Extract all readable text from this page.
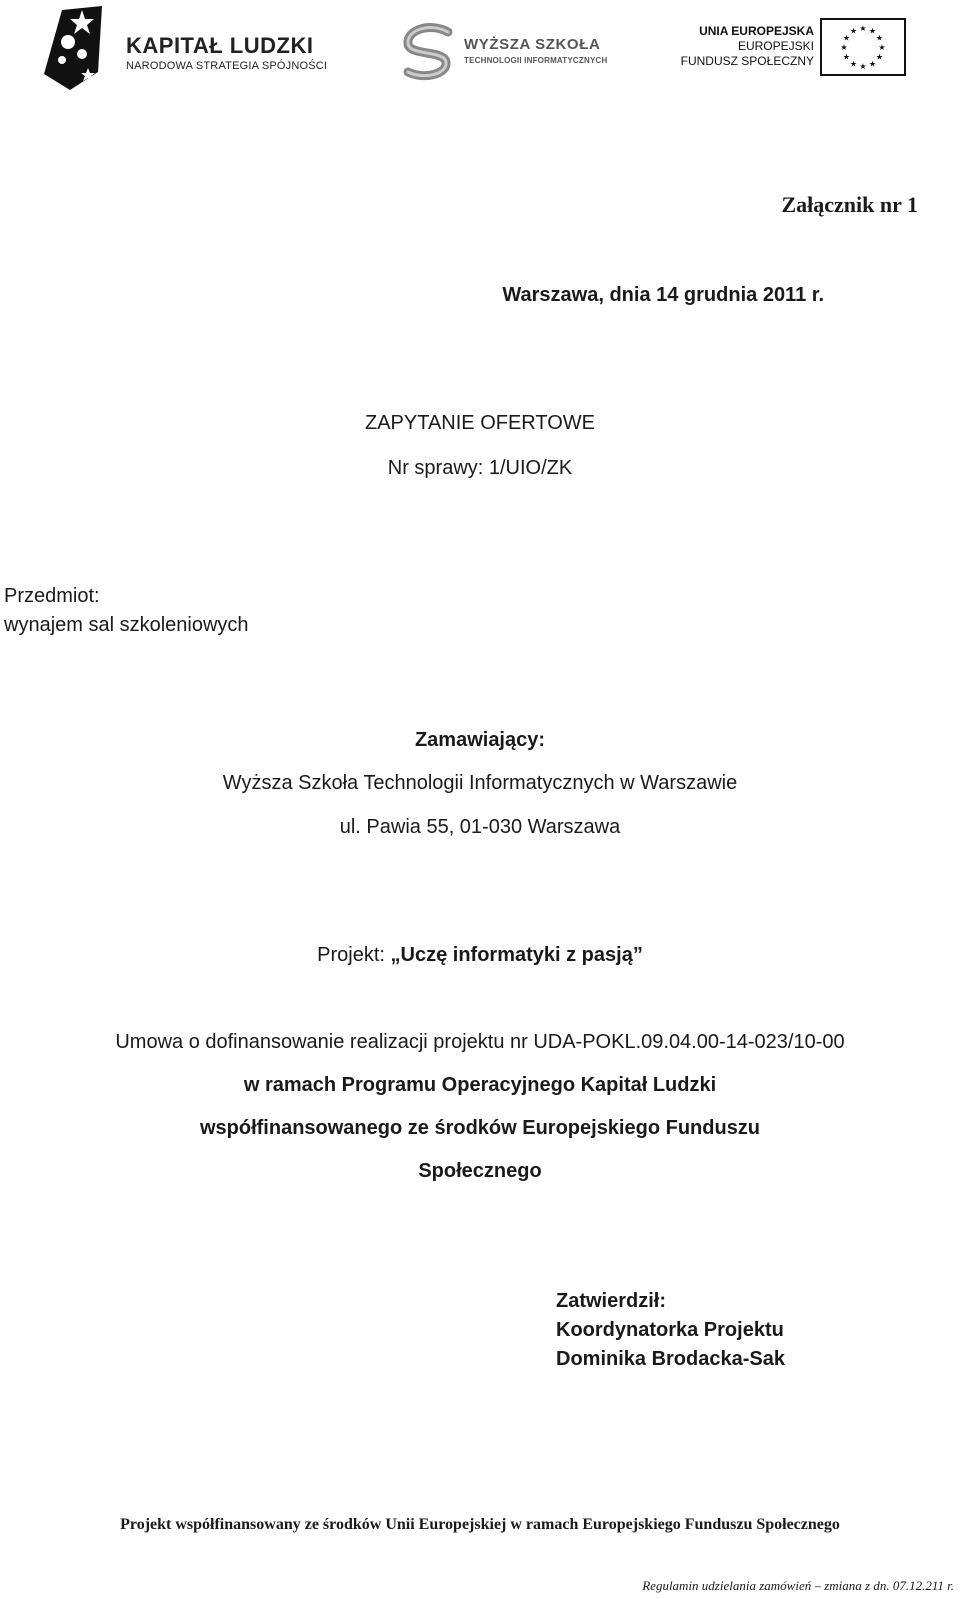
KAPITAŁ LUDZKI
NARODOWA STRATEGIA SPÓJNOŚCI
WYŻSZA SZKOŁA
TECHNOLOGII INFORMATYCZNYCH
UNIA EUROPEJSKA
EUROPEJSKI
FUNDUSZ SPOŁECZNY
★ ★
★
★
★
★
★
★
★
★
★
★
Załącznik nr 1
Warszawa, dnia 14 grudnia 2011 r.
ZAPYTANIE OFERTOWE
Nr sprawy: 1/UIO/ZK
Przedmiot:
wynajem sal szkoleniowych
Zamawiający:
Wyższa Szkoła Technologii Informatycznych w Warszawie
ul. Pawia 55, 01-030 Warszawa
Projekt: „Uczę informatyki z pasją”
Umowa o dofinansowanie realizacji projektu nr UDA-POKL.09.04.00-14-023/10-00
w ramach Programu Operacyjnego Kapitał Ludzki
współfinansowanego ze środków Europejskiego Funduszu
Społecznego
Zatwierdził:
Koordynatorka Projektu
Dominika Brodacka-Sak
Projekt współfinansowany ze środków Unii Europejskiej w ramach Europejskiego Funduszu Społecznego
Regulamin udzielania zamówień – zmiana z dn. 07.12.211 r.
